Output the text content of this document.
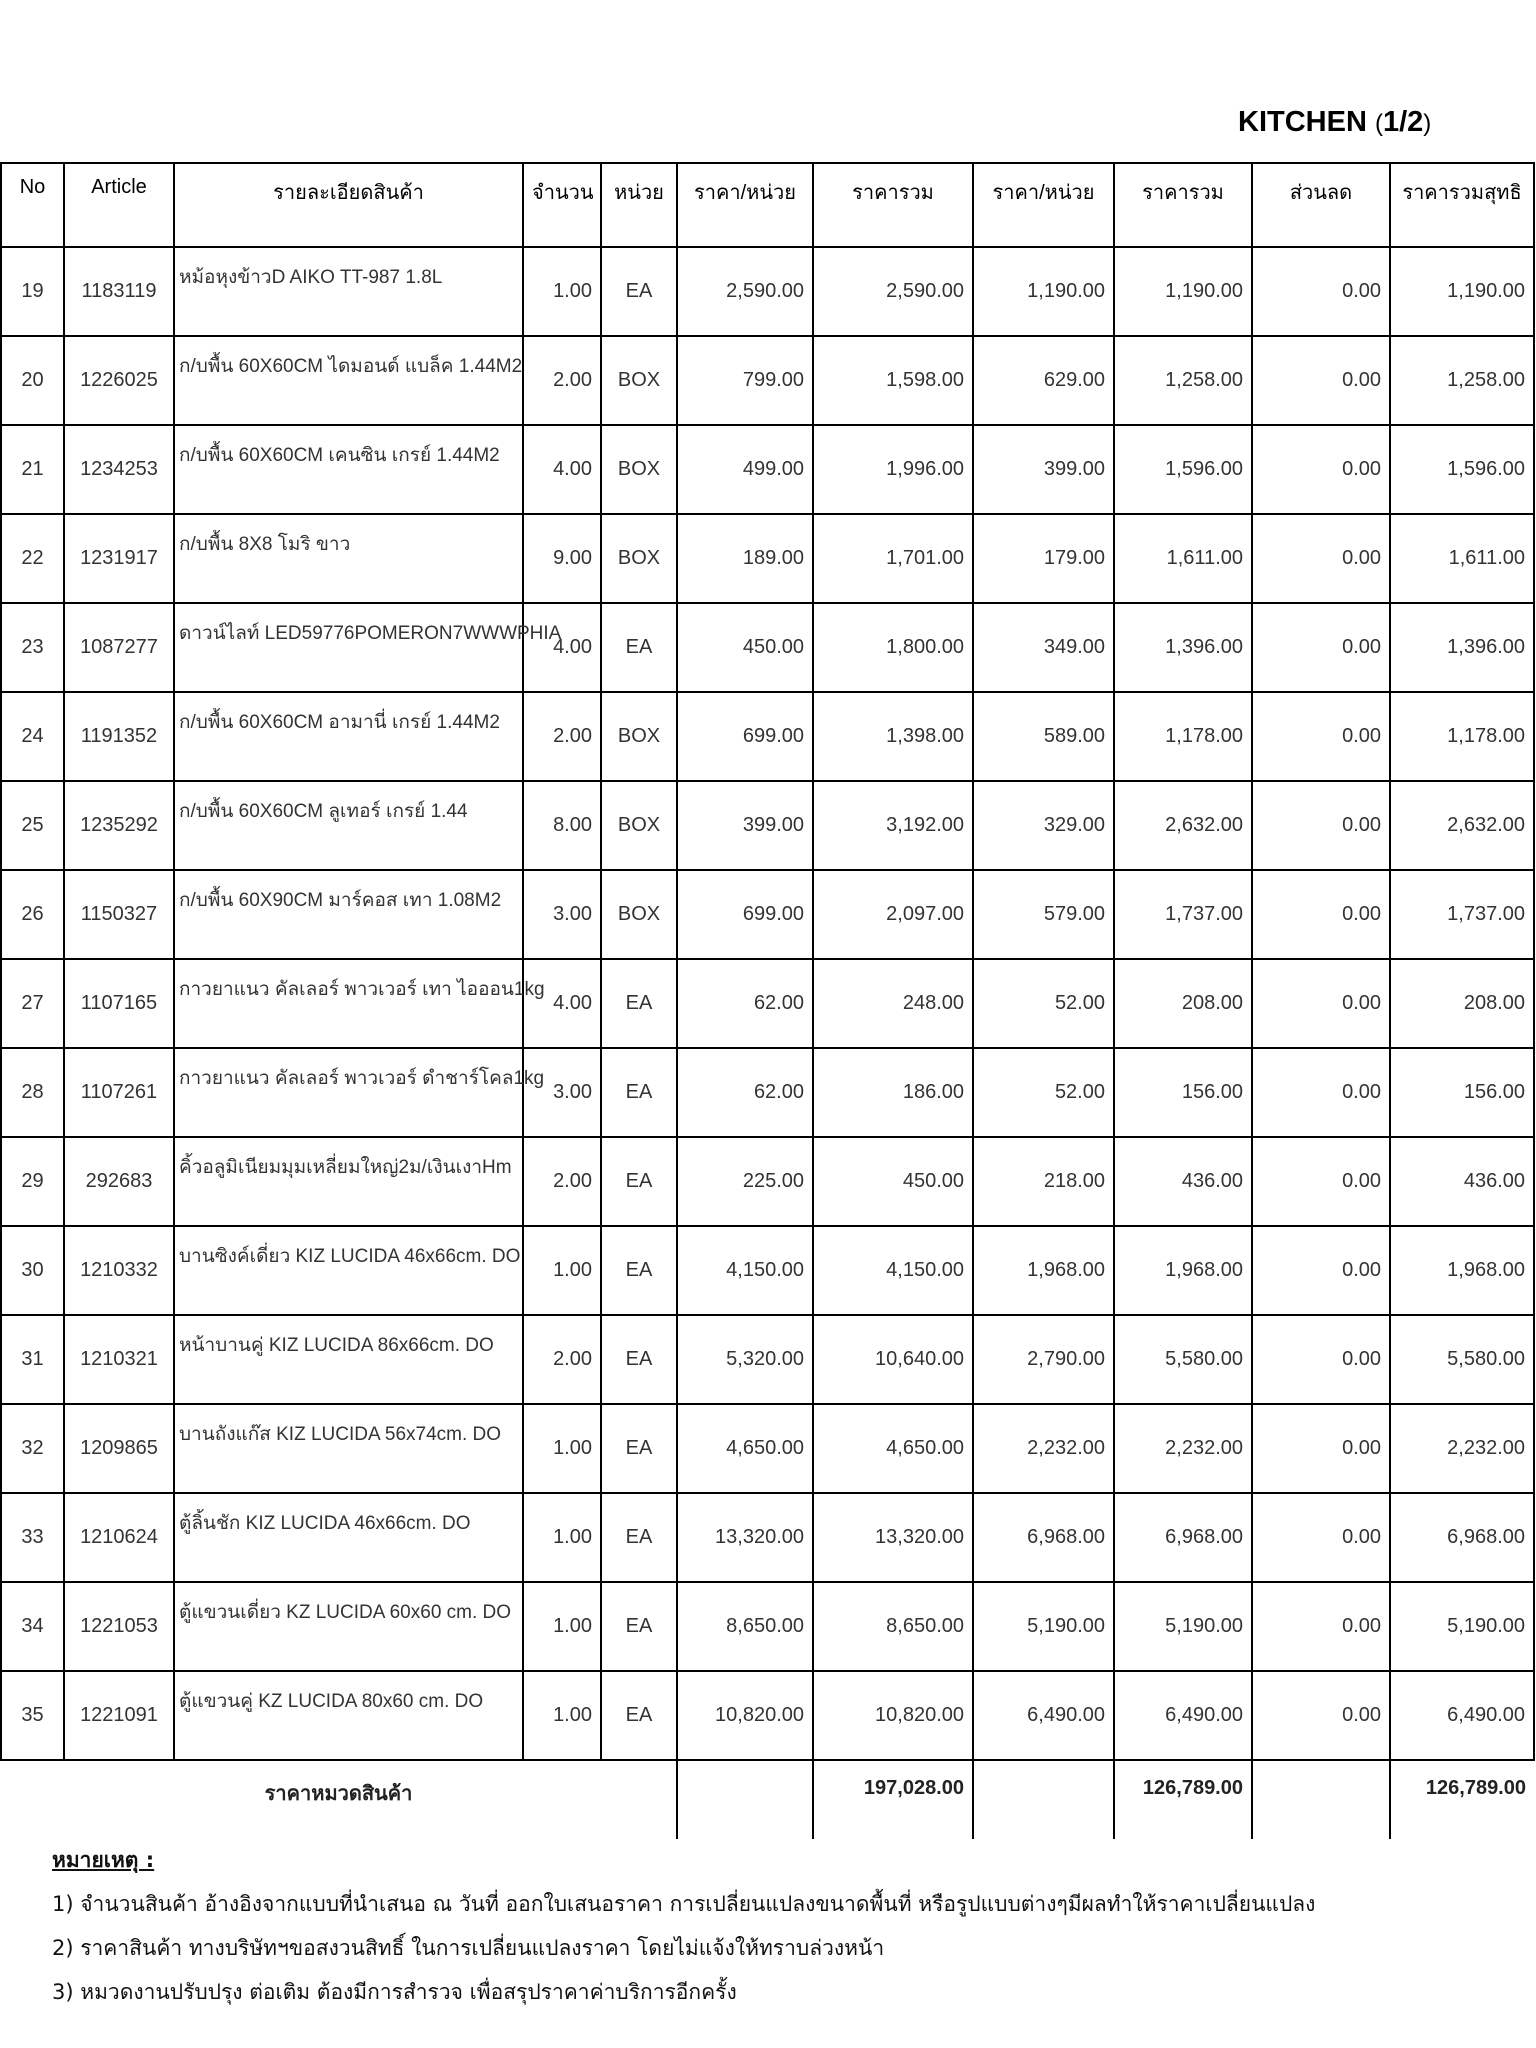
KITCHEN (1/2)
No	Article	รายละเอียดสินค้า	จำนวน	หน่วย	ราคา/หน่วย	ราคารวม	ราคา/หน่วย	ราคารวม	ส่วนลด	ราคารวมสุทธิ
19	1183119	หม้อหุงข้าวD AIKO TT-987 1.8L	1.00	EA	2,590.00	2,590.00	1,190.00	1,190.00	0.00	1,190.00
20	1226025	ก/บพื้น 60X60CM ไดมอนด์ แบล็ค 1.44M2	2.00	BOX	799.00	1,598.00	629.00	1,258.00	0.00	1,258.00
21	1234253	ก/บพื้น 60X60CM เคนซิน เกรย์ 1.44M2	4.00	BOX	499.00	1,996.00	399.00	1,596.00	0.00	1,596.00
22	1231917	ก/บพื้น 8X8 โมริ ขาว	9.00	BOX	189.00	1,701.00	179.00	1,611.00	0.00	1,611.00
23	1087277	ดาวน์ไลท์ LED59776POMERON7WWWPHIA	4.00	EA	450.00	1,800.00	349.00	1,396.00	0.00	1,396.00
24	1191352	ก/บพื้น 60X60CM อามานี่ เกรย์ 1.44M2	2.00	BOX	699.00	1,398.00	589.00	1,178.00	0.00	1,178.00
25	1235292	ก/บพื้น 60X60CM ลูเทอร์ เกรย์ 1.44	8.00	BOX	399.00	3,192.00	329.00	2,632.00	0.00	2,632.00
26	1150327	ก/บพื้น 60X90CM มาร์คอส เทา 1.08M2	3.00	BOX	699.00	2,097.00	579.00	1,737.00	0.00	1,737.00
27	1107165	กาวยาแนว คัลเลอร์ พาวเวอร์ เทา ไอออน1kg	4.00	EA	62.00	248.00	52.00	208.00	0.00	208.00
28	1107261	กาวยาแนว คัลเลอร์ พาวเวอร์ ดำชาร์โคล1kg	3.00	EA	62.00	186.00	52.00	156.00	0.00	156.00
29	292683	คิ้วอลูมิเนียมมุมเหลี่ยมใหญ่2ม/เงินเงาHm	2.00	EA	225.00	450.00	218.00	436.00	0.00	436.00
30	1210332	บานซิงค์เดี่ยว KIZ LUCIDA 46x66cm. DO	1.00	EA	4,150.00	4,150.00	1,968.00	1,968.00	0.00	1,968.00
31	1210321	หน้าบานคู่ KIZ LUCIDA 86x66cm. DO	2.00	EA	5,320.00	10,640.00	2,790.00	5,580.00	0.00	5,580.00
32	1209865	บานถังแก๊ส KIZ LUCIDA 56x74cm. DO	1.00	EA	4,650.00	4,650.00	2,232.00	2,232.00	0.00	2,232.00
33	1210624	ตู้ลิ้นชัก KIZ LUCIDA 46x66cm. DO	1.00	EA	13,320.00	13,320.00	6,968.00	6,968.00	0.00	6,968.00
34	1221053	ตู้แขวนเดี่ยว KZ LUCIDA 60x60 cm. DO	1.00	EA	8,650.00	8,650.00	5,190.00	5,190.00	0.00	5,190.00
35	1221091	ตู้แขวนคู่ KZ LUCIDA 80x60 cm. DO	1.00	EA	10,820.00	10,820.00	6,490.00	6,490.00	0.00	6,490.00
ราคาหมวดสินค้า						197,028.00		126,789.00		126,789.00
หมายเหตุ :
1) จำนวนสินค้า อ้างอิงจากแบบที่นำเสนอ ณ วันที่ ออกใบเสนอราคา การเปลี่ยนแปลงขนาดพื้นที่ หรือรูปแบบต่างๆมีผลทำให้ราคาเปลี่ยนแปลง
2) ราคาสินค้า ทางบริษัทฯขอสงวนสิทธิ์ ในการเปลี่ยนแปลงราคา โดยไม่แจ้งให้ทราบล่วงหน้า
3) หมวดงานปรับปรุง ต่อเติม ต้องมีการสำรวจ เพื่อสรุปราคาค่าบริการอีกครั้ง
